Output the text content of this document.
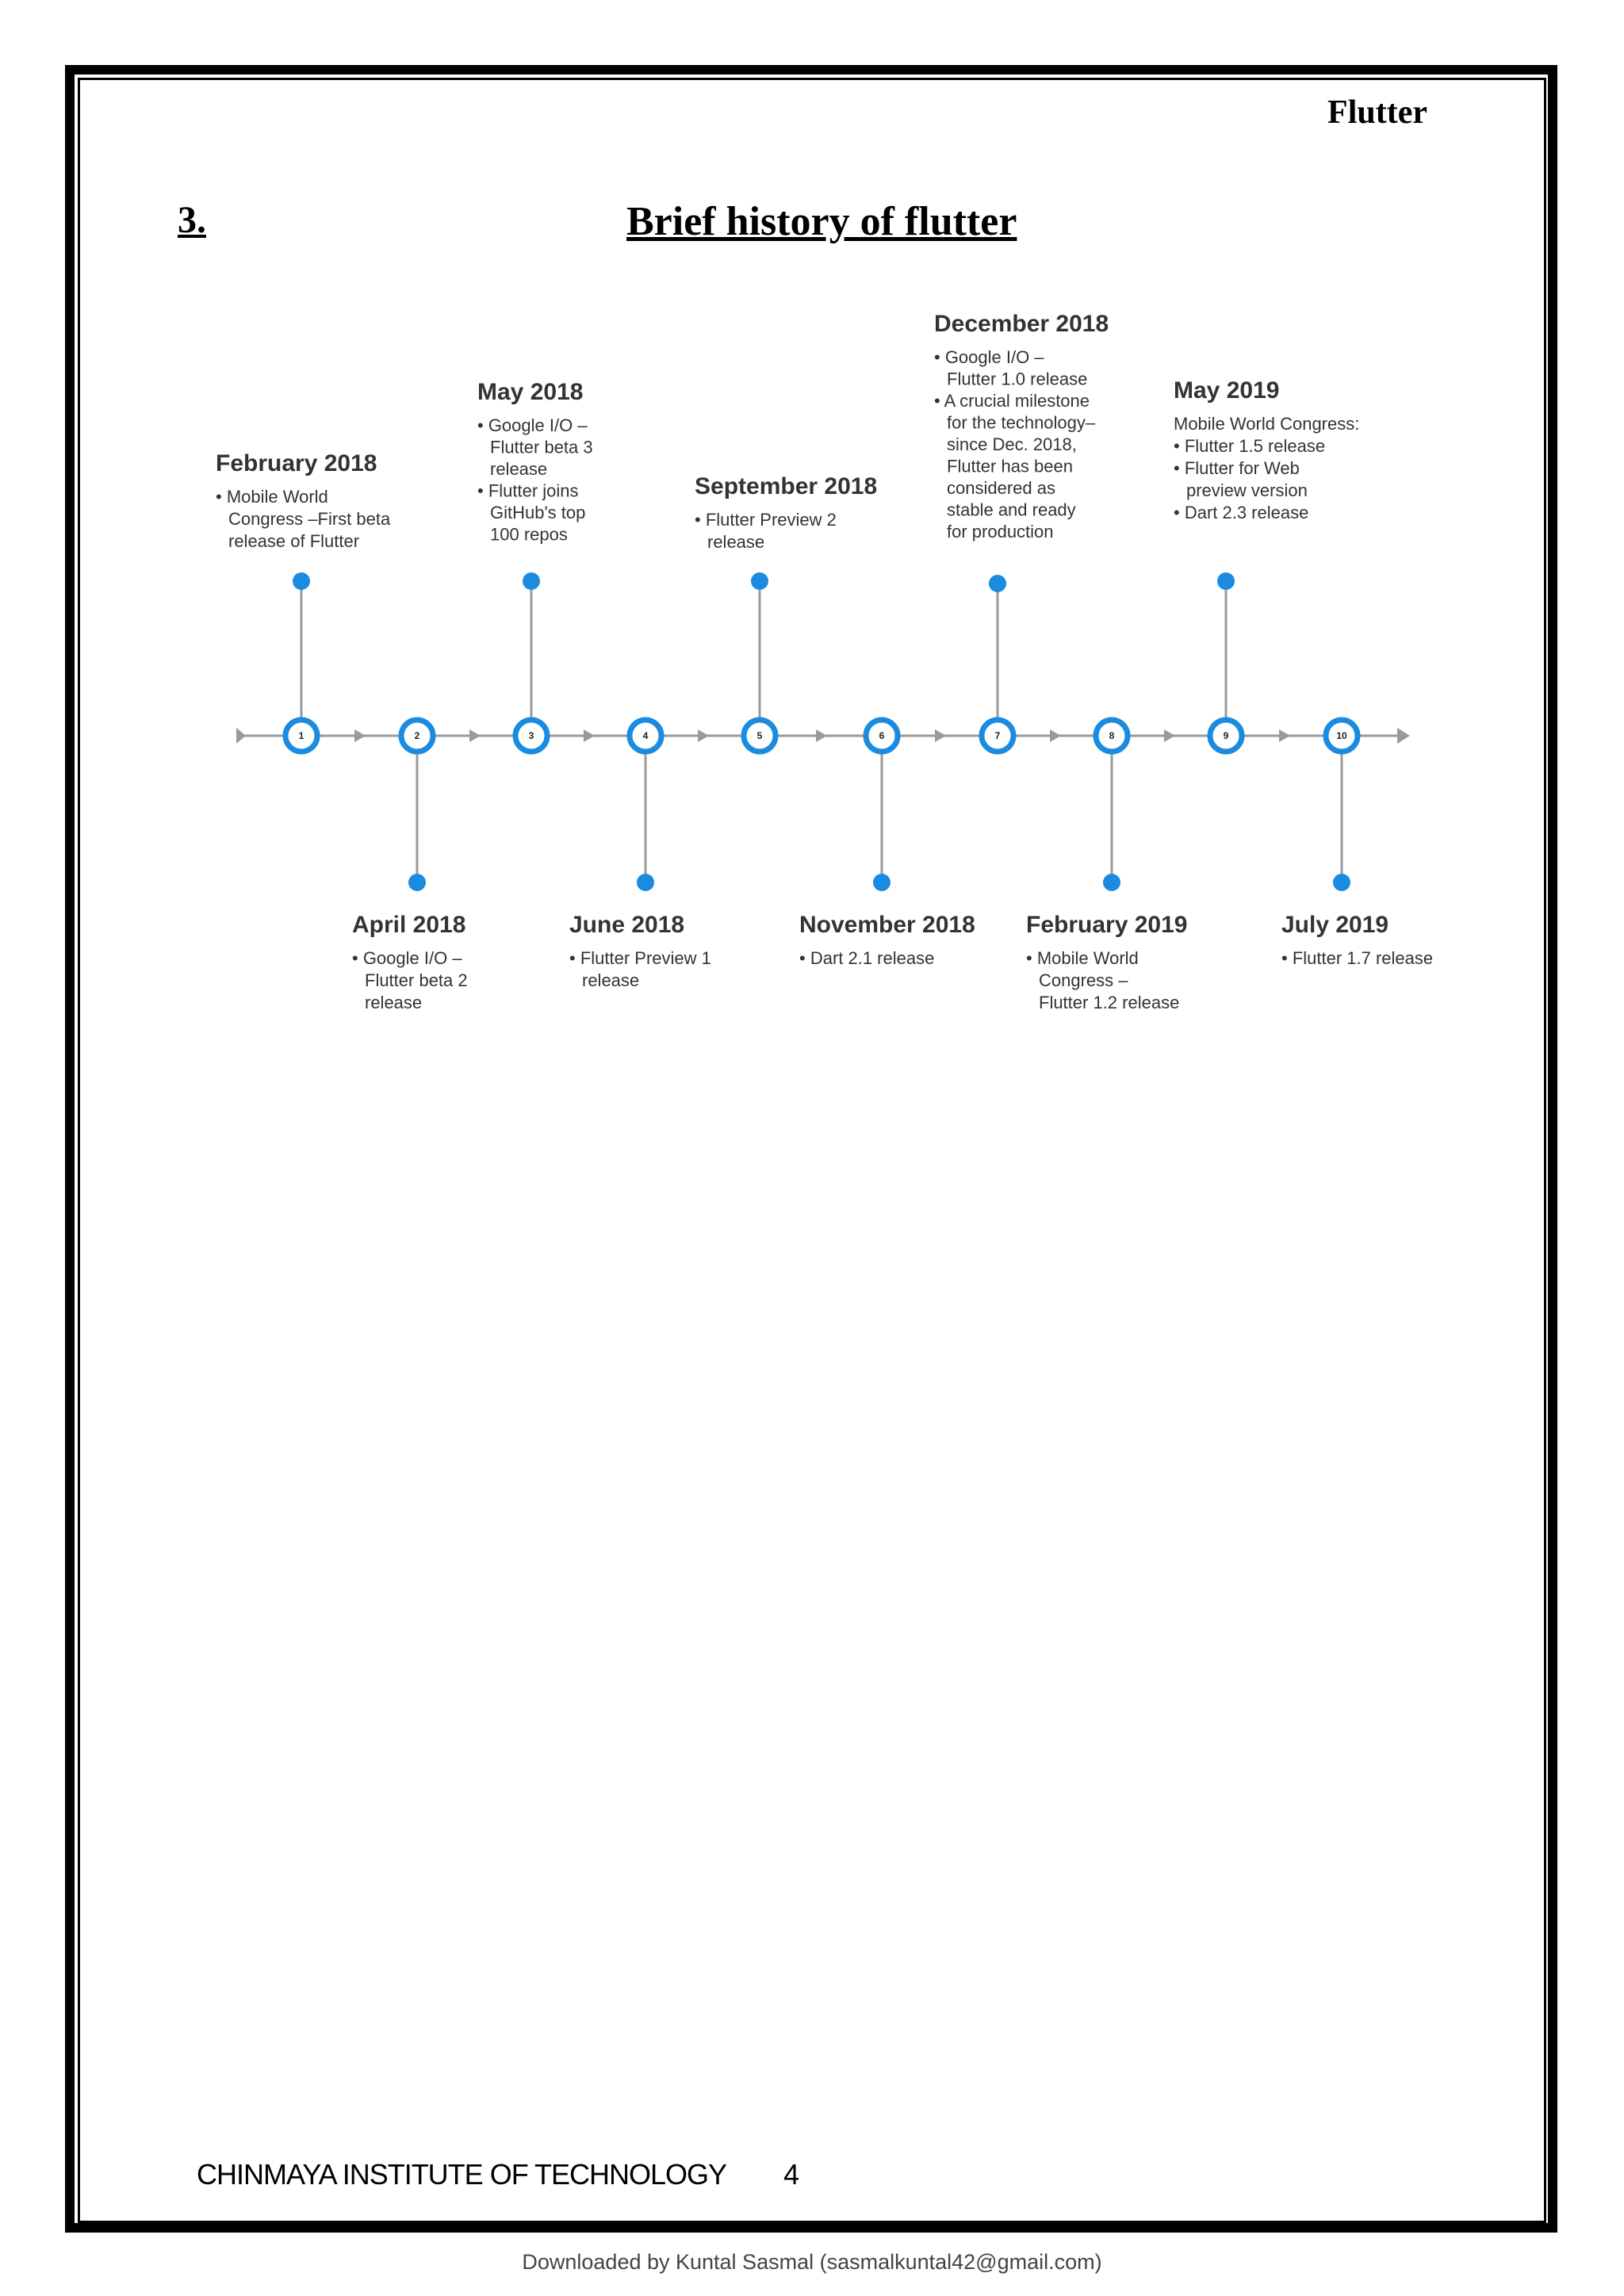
Flutter
3.	Brief history of flutter
1
February 2018
• Mobile World
Congress –First beta
release of Flutter
2
April 2018
• Google I/O –
Flutter beta 2
release
3
May 2018
• Google I/O –
Flutter beta 3
release
• Flutter joins
GitHub's top
100 repos
4
June 2018
• Flutter Preview 1
release
5
September 2018
• Flutter Preview 2
release
6
November 2018
• Dart 2.1 release
7
December 2018
• Google I/O –
Flutter 1.0 release
• A crucial milestone
for the technology–
since Dec. 2018,
Flutter has been
considered as
stable and ready
for production
8
February 2019
• Mobile World
Congress –
Flutter 1.2 release
9
May 2019
Mobile World Congress:
• Flutter 1.5 release
• Flutter for Web
preview version
• Dart 2.3 release
10
July 2019
• Flutter 1.7 release
CHINMAYA INSTITUTE OF TECHNOLOGY 4
Downloaded by Kuntal Sasmal (sasmalkuntal42@gmail.com)
